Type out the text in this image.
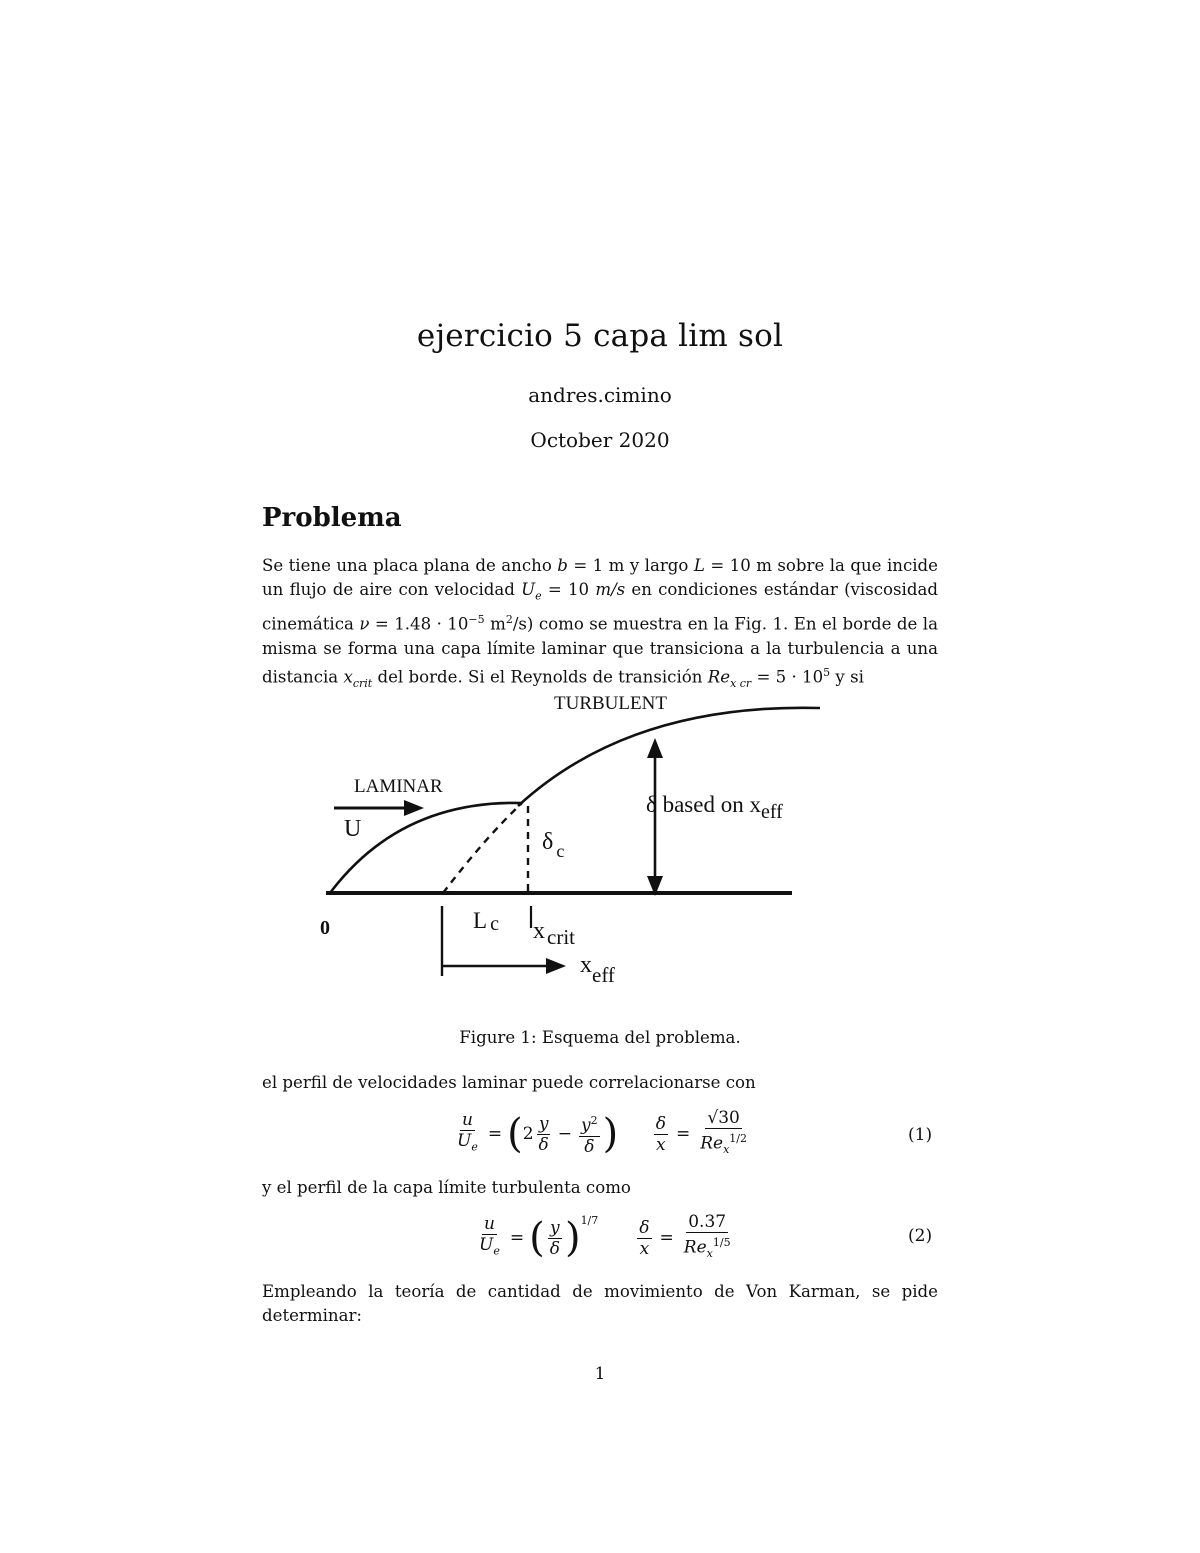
ejercicio 5 capa lim sol
andres.cimino
October 2020
Problema
Se tiene una placa plana de ancho b = 1 m y largo L = 10 m sobre la que incide un flujo de aire con velocidad $U_e = 10$ m/s en condiciones estándar (viscosidad cinemática $\nu = 1.48 \cdot 10^{-5}$ $m^2/s$) como se muestra en la Fig. 1. En el borde de la misma se forma una capa límite laminar que transiciona a la turbulencia a una distancia $x_{crit}$ del borde. Si el Reynolds de transición $Re_{x cr} = 5 \cdot 10^5$ y si
TURBULENT
LAMINAR
U
δ based on xeff
δ $_c$
0	L c xcrit
xeff
Figure 1: Esquema del problema.
el perfil de velocidades laminar puede correlacionarse con
$\frac{u}{U_e}$ = ( $2 \frac{y}{\delta} - \frac{y^2}{\delta}$ ) $\frac{\delta}{x} = \frac{√30}{Re_x^{1/2}}$	(1)
y el perfil de la capa límite turbulenta como
$\frac{u}{U_e}$ = ( $\frac{y}{\delta} )^{1/7} \frac{\delta}{x} = \frac{0.37}{Re_x^{1/5}}$	(2)
Empleando la teoría de cantidad de movimiento de Von Karman, se pide determinar:
1
